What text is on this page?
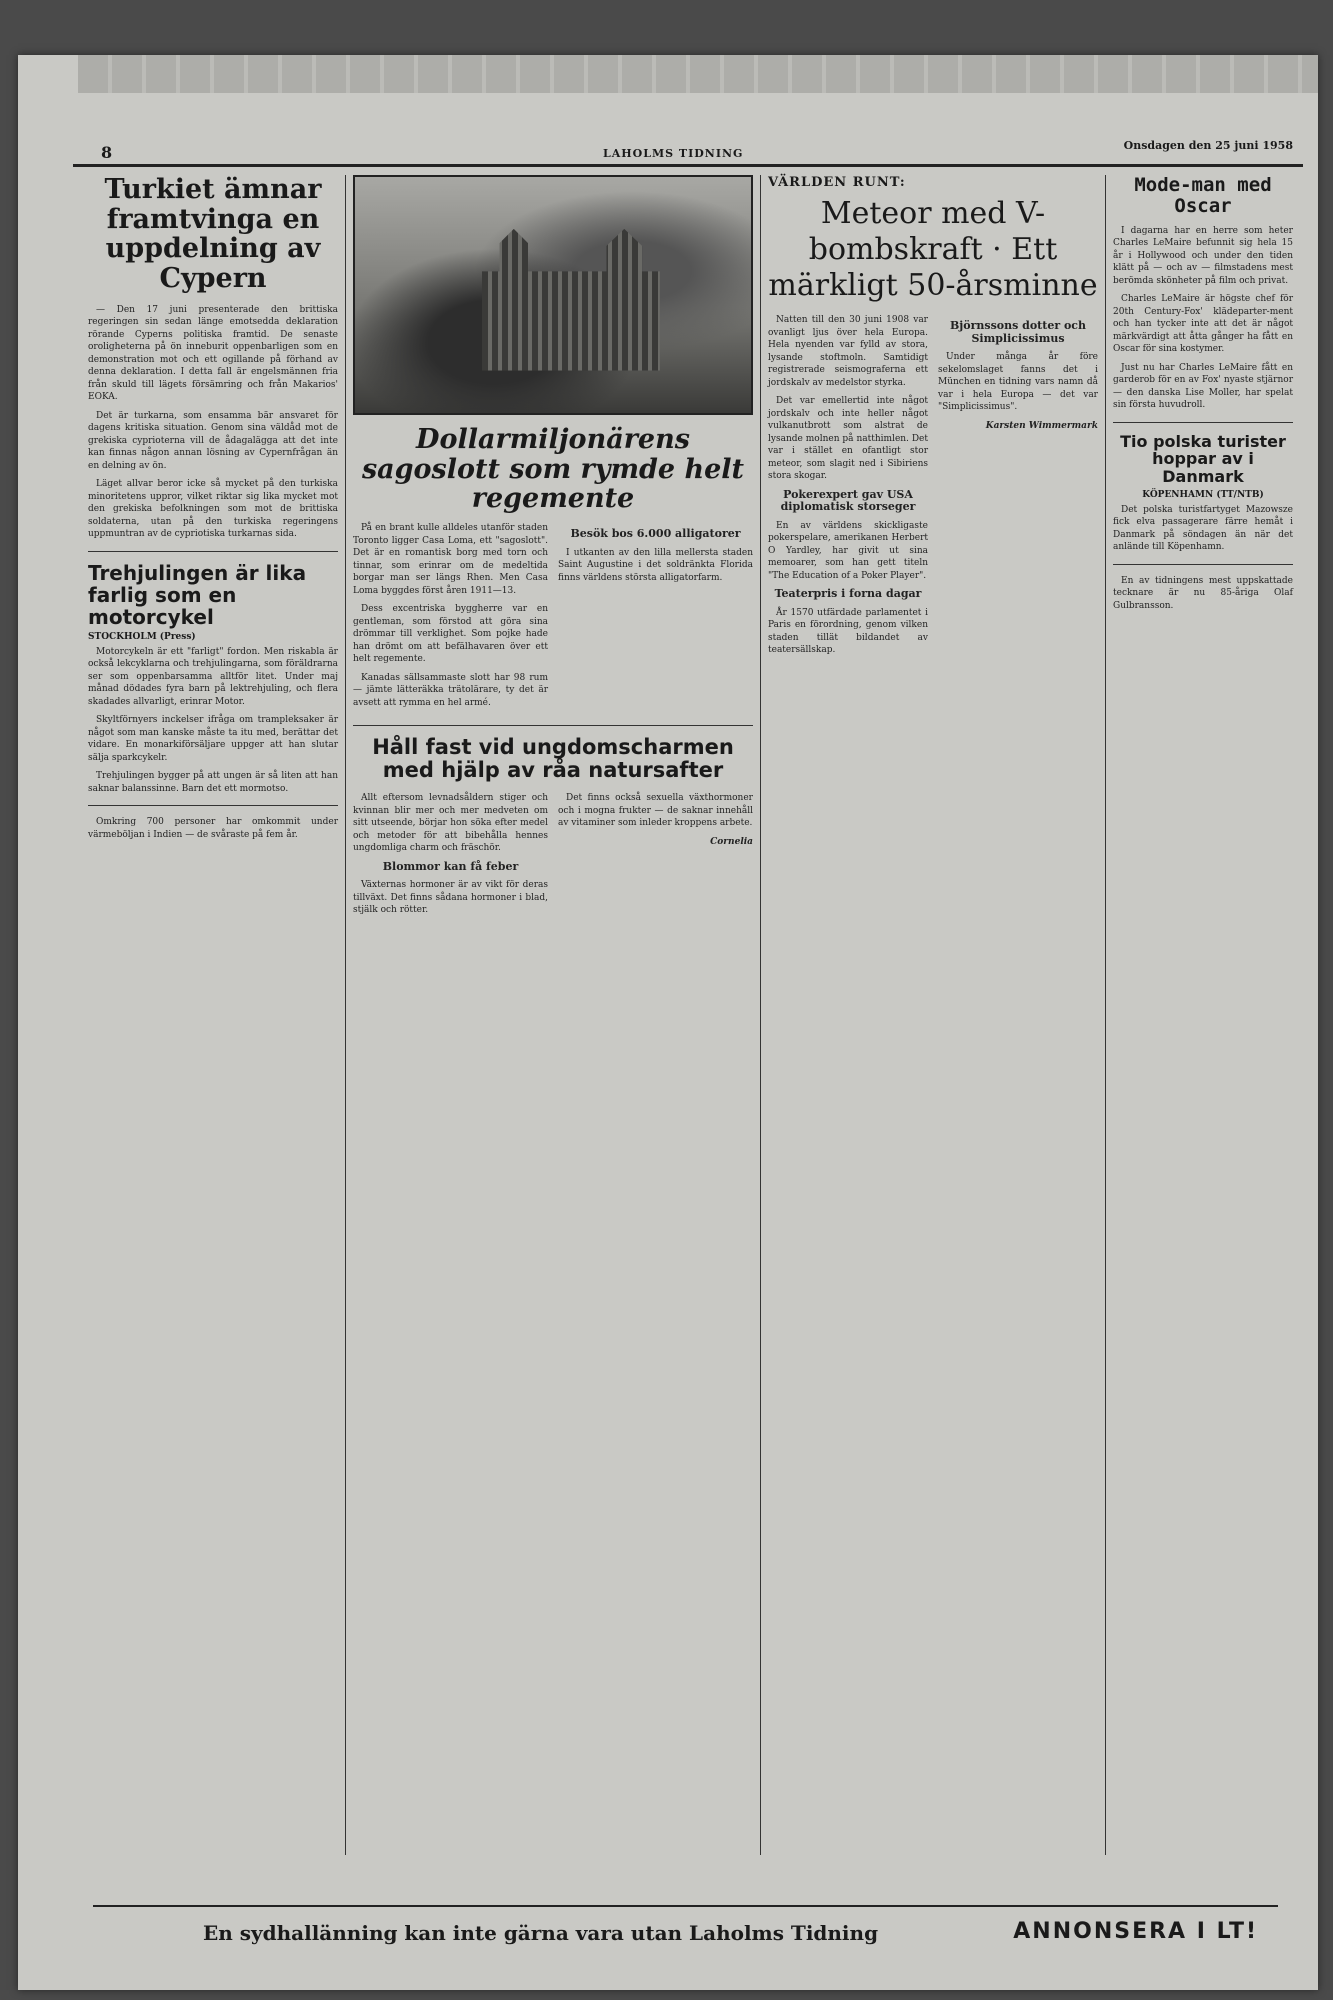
8	LAHOLMS TIDNING
Onsdagen den 25 juni 1958
Turkiet ämnar framtvinga en uppdelning av Cypern

— Den 17 juni presenterade den brittiska regeringen sin sedan länge emotsedda deklaration rörande Cyperns politiska framtid. De senaste oroligheterna på ön inneburit oppenbarligen som en demonstration mot och ett ogillande på förhand av denna deklaration. I detta fall är engelsmännen fria från skuld till lägets försämring och från Makarios' EOKA.

Det är turkarna, som ensamma bär ansvaret för dagens kritiska situation. Genom sina väldåd mot de grekiska cyprioterna vill de ådagalägga att det inte kan finnas någon annan lösning av Cypernfrågan än en delning av ön.

Läget allvar beror icke så mycket på den turkiska minoritetens uppror, vilket riktar sig lika mycket mot den grekiska befolkningen som mot de brittiska soldaterna, utan på den turkiska regeringens uppmuntran av de cypriotiska turkarnas sida.

Trehjulingen är lika farlig som en motorcykel
STOCKHOLM (Press)

Motorcykeln är ett "farligt" fordon. Men riskabla är också lekcyklarna och trehjulingarna, som föräldrarna ser som oppenbarsamma alltför litet. Under maj månad dödades fyra barn på lektrehjuling, och flera skadades allvarligt, erinrar Motor.

Skyltförnyers inckelser ifråga om trampleksaker är något som man kanske måste ta itu med, berättar det vidare. En monarkiförsäljare uppger att han slutar sälja sparkcykelr.

Trehjulingen bygger på att ungen är så liten att han saknar balanssinne. Barn det ett mormotso.

Omkring 700 personer har omkommit under värmeböljan i Indien — de svåraste på fem år.

Dollarmiljonärens sagoslott som rymde helt regemente

På en brant kulle alldeles utanför staden Toronto ligger Casa Loma, ett "sagoslott". Det är en romantisk borg med torn och tinnar, som erinrar om de medeltida borgar man ser längs Rhen. Men Casa Loma byggdes först åren 1911—13.

Dess excentriska byggherre var en gentleman, som förstod att göra sina drömmar till verklighet. Som pojke hade han drömt om att befälhavaren över ett helt regemente.

Kanadas sällsammaste slott har 98 rum — jämte lätteräkka trätolärare, ty det är avsett att rymma en hel armé.

Besök bos 6.000 alligatorer

I utkanten av den lilla mellersta staden Saint Augustine i det soldränkta Florida finns världens största alligatorfarm.

Håll fast vid ungdomscharmen med hjälp av råa natursafter

Allt eftersom levnadsåldern stiger och kvinnan blir mer och mer medveten om sitt utseende, börjar hon söka efter medel och metoder för att bibehålla hennes ungdomliga charm och fräschör.

Blommor kan få feber

Växternas hormoner är av vikt för deras tillväxt. Det finns sådana hormoner i blad, stjälk och rötter.

Det finns också sexuella växthormoner och i mogna frukter — de saknar innehåll av vitaminer som inleder kroppens arbete.

Cornelia
VÄRLDEN RUNT:
Meteor med V-bombskraft · Ett märkligt 50-årsminne

Natten till den 30 juni 1908 var ovanligt ljus över hela Europa. Hela nyenden var fylld av stora, lysande stoftmoln. Samtidigt registrerade seismograferna ett jordskalv av medelstor styrka.

Det var emellertid inte något jordskalv och inte heller något vulkanutbrott som alstrat de lysande molnen på natthimlen. Det var i stället en ofantligt stor meteor, som slagit ned i Sibiriens stora skogar.

Pokerexpert gav USA diplomatisk storseger

En av världens skickligaste pokerspelare, amerikanen Herbert O Yardley, har givit ut sina memoarer, som han gett titeln "The Education of a Poker Player".

Teaterpris i forna dagar

År 1570 utfärdade parlamentet i Paris en förordning, genom vilken staden tillät bildandet av teatersällskap.

Björnssons dotter och Simplicissimus

Under många år före sekelomslaget fanns det i München en tidning vars namn då var i hela Europa — det var "Simplicissimus".

Karsten Wimmermark
Mode-man med Oscar

I dagarna har en herre som heter Charles LeMaire befunnit sig hela 15 år i Hollywood och under den tiden klätt på — och av — filmstadens mest berömda skönheter på film och privat.

Charles LeMaire är högste chef för 20th Century-Fox' klädeparter-ment och han tycker inte att det är något märkvärdigt att åtta gånger ha fått en Oscar för sina kostymer.

Just nu har Charles LeMaire fått en garderob för en av Fox' nyaste stjärnor — den danska Lise Moller, har spelat sin första huvudroll.

Tio polska turister hoppar av i Danmark
KÖPENHAMN (TT/NTB)

Det polska turistfartyget Mazowsze fick elva passagerare färre hemåt i Danmark på söndagen än när det anlände till Köpenhamn.

En av tidningens mest uppskattade tecknare är nu 85-åriga Olaf Gulbransson.

En sydhallänning kan inte gärna vara utan Laholms Tidning	ANNONSERA I LT!
